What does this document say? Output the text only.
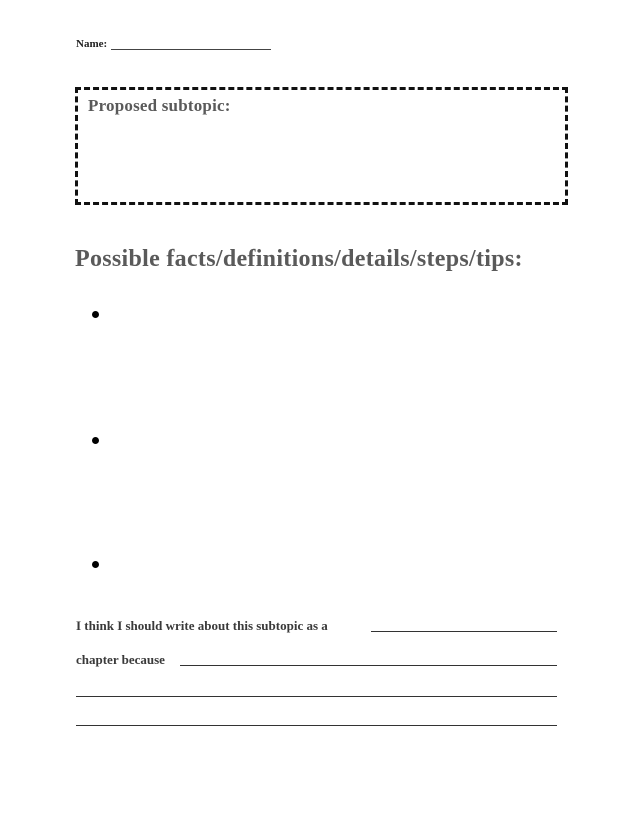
Name:
Proposed subtopic:
Possible facts/definitions/details/steps/tips:
I think I should write about this subtopic as a
chapter because
